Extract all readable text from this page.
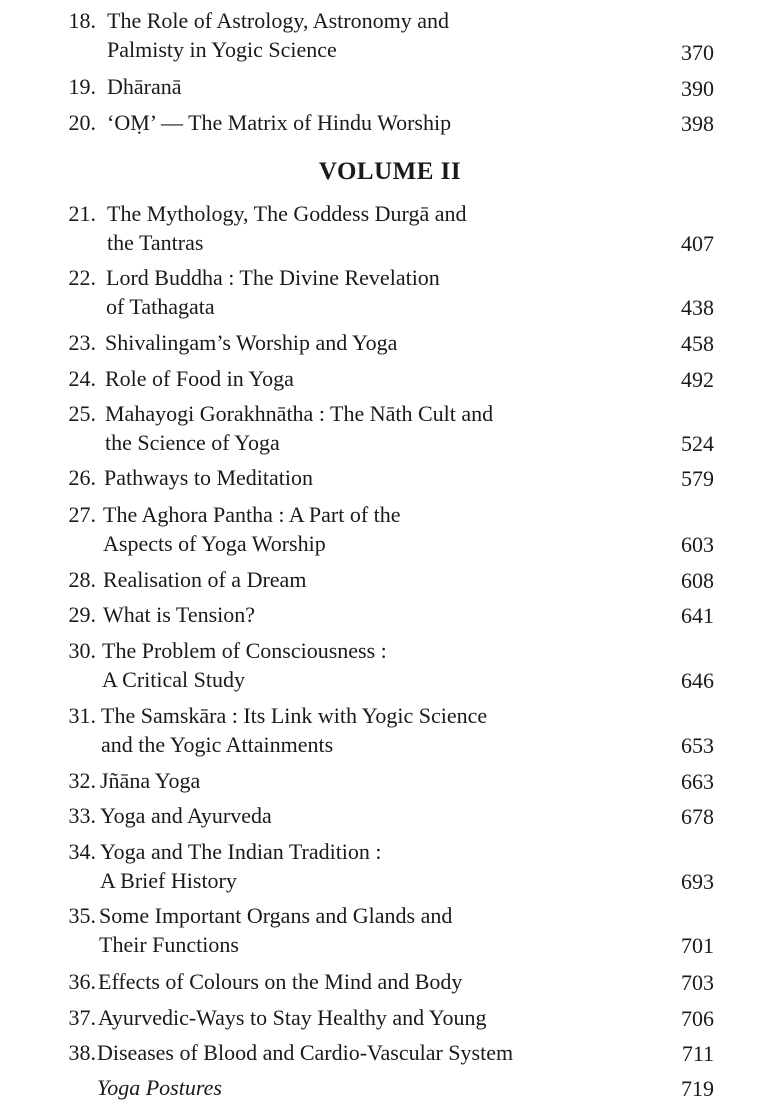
18. The Role of Astrology, Astronomy and
Palmisty in Yogic Science	370
19. Dhāranā	390
20. ‘OṂ’ — The Matrix of Hindu Worship	398
VOLUME II
21. The Mythology, The Goddess Durgā and
the Tantras	407
22. Lord Buddha : The Divine Revelation
of Tathagata	438
23. Shivalingam’s Worship and Yoga	458
24. Role of Food in Yoga	492
25. Mahayogi Gorakhnātha : The Nāth Cult and
the Science of Yoga	524
26. Pathways to Meditation	579
27. The Aghora Pantha : A Part of the
Aspects of Yoga Worship	603
28. Realisation of a Dream	608
29. What is Tension?	641
30. The Problem of Consciousness :
A Critical Study	646
31. The Samskāra : Its Link with Yogic Science
and the Yogic Attainments	653
32. Jñāna Yoga	663
33. Yoga and Ayurveda	678
34. Yoga and The Indian Tradition :
A Brief History	693
35. Some Important Organs and Glands and
Their Functions	701
36. Effects of Colours on the Mind and Body	703
37. Ayurvedic-Ways to Stay Healthy and Young	706
38. Diseases of Blood and Cardio-Vascular System	711
Yoga Postures	719
